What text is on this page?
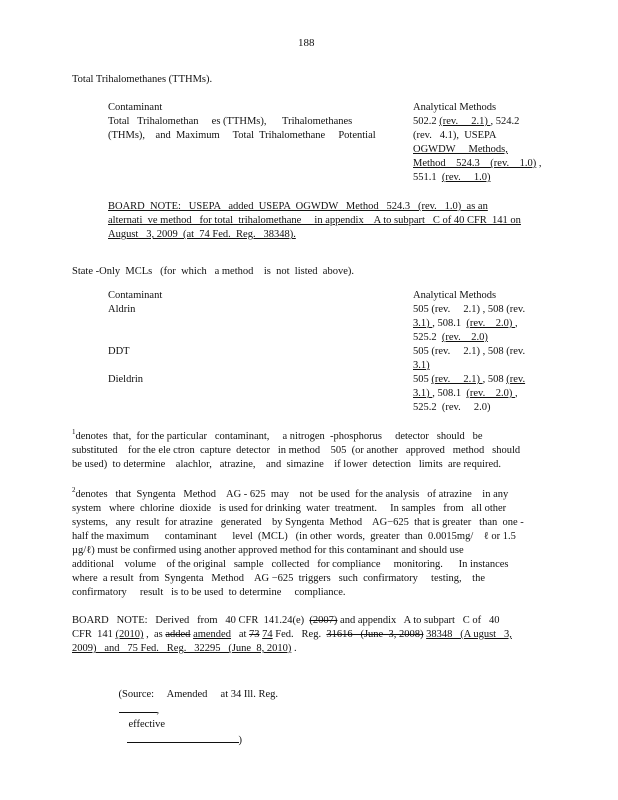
188
Total Trihalomethanes (TTHMs).
Contaminant	Analytical Methods
Total   Trihalomethan     es (TTHMs),      Trihalomethanes
(THMs),    and  Maximum     Total  Trihalomethane     Potential
502.2 (rev.     2.1) , 524.2
(rev.   4.1),  USEPA
OGWDW     Methods,
Method    524.3    (rev.    1.0) ,
551.1  (rev.     1.0)
BOARD  NOTE:   USEPA   added  USEPA  OGWDW   Method   524.3   (rev.   1.0)  as an
alternati  ve method   for total  trihalomethane     in appendix    A to subpart   C of 40 CFR  141 on
August   3, 2009  (at  74 Fed.  Reg.   38348).
State -Only  MCLs   (for  which   a method    is  not  listed  above).
Contaminant	Analytical Methods
Aldrin	505 (rev.     2.1) , 508 (rev.
3.1) , 508.1  (rev.    2.0) ,
525.2  (rev.    2.0)
DDT	505 (rev.     2.1) , 508 (rev.
3.1)
Dieldrin	505 (rev.     2.1) , 508 (rev.
3.1) , 508.1  (rev.    2.0) ,
525.2  (rev.     2.0)
$^1$denotes  that,  for the particular   contaminant,     a nitrogen  -phosphorus     detector   should   be
substituted    for the ele ctron  capture  detector   in method    505  (or another   approved   method   should
be used)  to determine    alachlor,   atrazine,    and  simazine    if lower  detection   limits  are required.
$^2$denotes   that  Syngenta   Method    AG - 625  may    not  be used  for the analysis   of atrazine    in any
system   where  chlorine  dioxide   is used for drinking  water  treatment.     In samples   from   all other
systems,   any  result  for atrazine   generated    by Syngenta  Method    AG−625  that is greater   than  one -
half the maximum      contaminant      level  (MCL)   (in other  words,  greater  than  0.0015mg/    ℓ or 1.5
µg/ℓ) must be confirmed using another approved method for this contaminant and should use
additional    volume    of the original   sample   collected   for compliance     monitoring.      In instances
where  a result  from  Syngenta   Method    AG −625  triggers   such  confirmatory     testing,    the
confirmatory     result   is to be used  to determine     compliance.
BOARD   NOTE:   Derived   from   40 CFR  141.24(e)  (2007) and appendix   A to subpart   C of   40
CFR  141 (2010) ,  as added amended   at 73 74 Fed.   Reg.  31616   (June  3, 2008) 38348   (A ugust   3,
2009)   and   75 Fed.   Reg.   32295   (June  8, 2010) .

(Source:     Amended     at 34 Ill. Reg.
,
effective
)
